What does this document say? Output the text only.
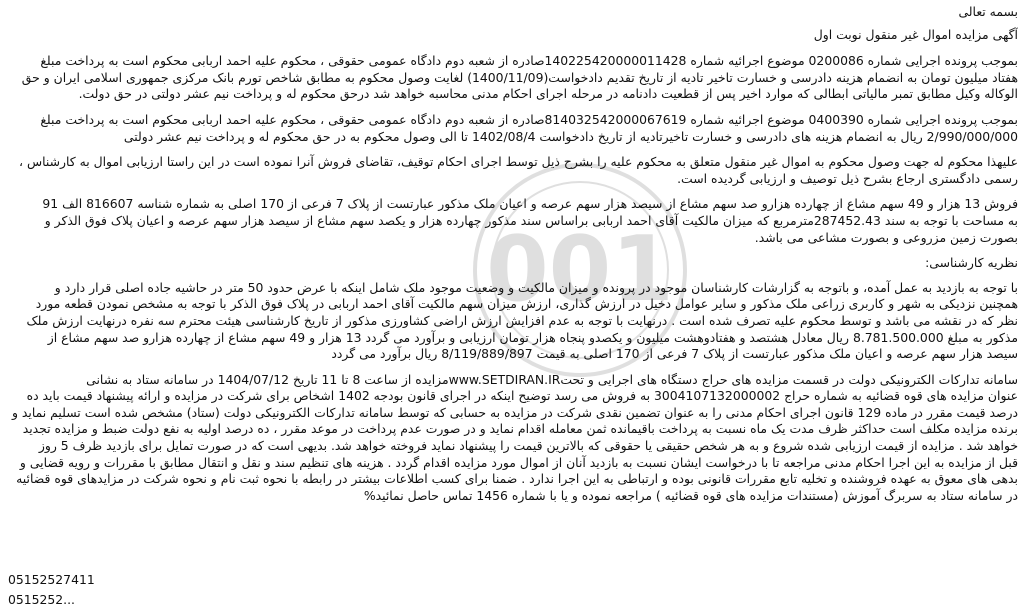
001
بسمه تعالی
آگهی مزایده اموال غیر منقول نوبت اول
بموجب پرونده اجرایی شماره 0200086 موضوع اجرائیه شماره 140225420000011428صادره از شعبه دوم دادگاه عمومی حقوقی ، محکوم علیه احمد اربابی محکوم است به پرداخت مبلغ
هفتاد میلیون تومان به انضمام هزینه دادرسی و خسارت تاخیر تادیه از تاریخ تقدیم دادخواست(1400/11/09) لغایت وصول محکوم به مطابق شاخص تورم بانک مرکزی جمهوری اسلامی ایران و حق
الوکاله وکیل مطابق تمبر مالیاتی ابطالی که موارد اخیر پس از قطعیت دادنامه در مرحله اجرای احکام مدنی محاسبه خواهد شد درحق محکوم له و پرداخت نیم عشر دولتی در حق دولت.
بموجب پرونده اجرایی شماره 0400390 موضوع اجرائیه شماره 814032542000067619صادره از شعبه دوم دادگاه عمومی حقوقی ، محکوم علیه احمد اربابی محکوم است به پرداخت مبلغ
2/990/000/000 ریال به انضمام هزینه های دادرسی و خسارت تاخیرتادیه از تاریخ دادخواست 1402/08/4 تا الی وصول محکوم به در حق محکوم له و پرداخت نیم عشر دولتی
علیهذا محکوم له جهت وصول محکوم به اموال غیر منقول متعلق به محکوم علیه را بشرح ذیل توسط اجرای احکام توقیف، تقاضای فروش آنرا نموده است در این راستا ارزیابی اموال به کارشناس ،
رسمی دادگستری ارجاع بشرح ذیل توصیف و ارزیابی گردیده است.
فروش 13 هزار و 49 سهم مشاع از چهارده هزارو صد سهم مشاع از سیصد هزار سهم عرصه و اعیان ملک مذکور عبارتست از پلاک 7 فرعی از 170 اصلی به شماره شناسه 816607 الف 91
به مساحت با توجه به سند 287452.43مترمربع که میزان مالکیت آقای احمد اربابی براساس سند مذکور چهارده هزار و یکصد سهم مشاع از سیصد هزار سهم عرصه و اعیان پلاک فوق الذکر و
بصورت زمین مزروعی و بصورت مشاعی می باشد.
نظریه کارشناسی:
با توجه به بازدید به عمل آمده، و باتوجه به گزارشات کارشناسان موجود در پرونده و میزان مالکیت و وضعیت موجود ملک شامل اینکه با عرض حدود 50 متر در حاشیه جاده اصلی قرار دارد و
همچنین نزدیکی به شهر و کاربری زراعی ملک مذکور و سایر عوامل دخیل در ارزش گذاری، ارزش میزان سهم مالکیت آقای احمد اربابی در پلاک فوق الذکر با توجه به مشخص نمودن قطعه مورد
نظر که در نقشه می باشد و توسط محکوم علیه تصرف شده است . درنهایت با توجه به عدم افزایش ارزش اراضی کشاورزی مذکور از تاریخ کارشناسی هیئت محترم سه نفره درنهایت ارزش ملک
مذکور به مبلغ 8.781.500.000 ریال معادل هشتصد و هفتادوهشت میلیون و یکصدو پنجاه هزار تومان ارزیابی و برآورد می گردد 13 هزار و 49 سهم مشاع از چهارده هزارو صد سهم مشاع از
سیصد هزار سهم عرصه و اعیان ملک مذکور عبارتست از پلاک 7 فرعی از 170 اصلی به قیمت 8/119/889/897 ریال برآورد می گردد
سامانه تدارکات الکترونیکی دولت در قسمت مزایده های حراج دستگاه های اجرایی و تحتwww.SETDIRAN.IRمزایده از ساعت 8 تا 11 تاریخ 1404/07/12 در سامانه ستاد به نشانی
عنوان مزایده های قوه قضائیه به شماره حراج 3004107132000002 به فروش می رسد توضیح اینکه در اجرای قانون بودجه 1402 اشخاص برای شرکت در مزایده و ارائه پیشنهاد قیمت باید ده
درصد قیمت مقرر در ماده 129 قانون اجرای احکام مدنی را به عنوان تضمین نقدی شرکت در مزایده به حسابی که توسط سامانه تدارکات الکترونیکی دولت (ستاد) مشخص شده است تسلیم نماید و
برنده مزایده مکلف است حداکثر ظرف مدت یک ماه نسبت به پرداخت باقیمانده ثمن معامله اقدام نماید و در صورت عدم پرداخت در موعد مقرر ، ده درصد اولیه به نفع دولت ضبط و مزایده تجدید
خواهد شد . مزایده از قیمت ارزیابی شده شروع و به هر شخص حقیقی یا حقوقی که بالاترین قیمت را پیشنهاد نماید فروخته خواهد شد. بدیهی است که در صورت تمایل برای بازدید ظرف 5 روز
قبل از مزایده به این اجرا احکام مدنی مراجعه تا با درخواست ایشان نسبت به بازدید آنان از اموال مورد مزایده اقدام گردد . هزینه های تنظیم سند و نقل و انتقال مطابق با مقررات و رویه قضایی و
بدهی های معوق به عهده فروشنده و تخلیه تابع مقررات قانونی بوده و ارتباطی به این اجرا ندارد . ضمنا برای کسب اطلاعات بیشتر در رابطه با نحوه ثبت نام و نحوه شرکت در مزایدهای قوه قضائیه
در سامانه ستاد به سربرگ آموزش (مستندات مزایده های قوه قضائیه ) مراجعه نموده و یا با شماره 1456 تماس حاصل نمائید%
05152527411
0515252...
